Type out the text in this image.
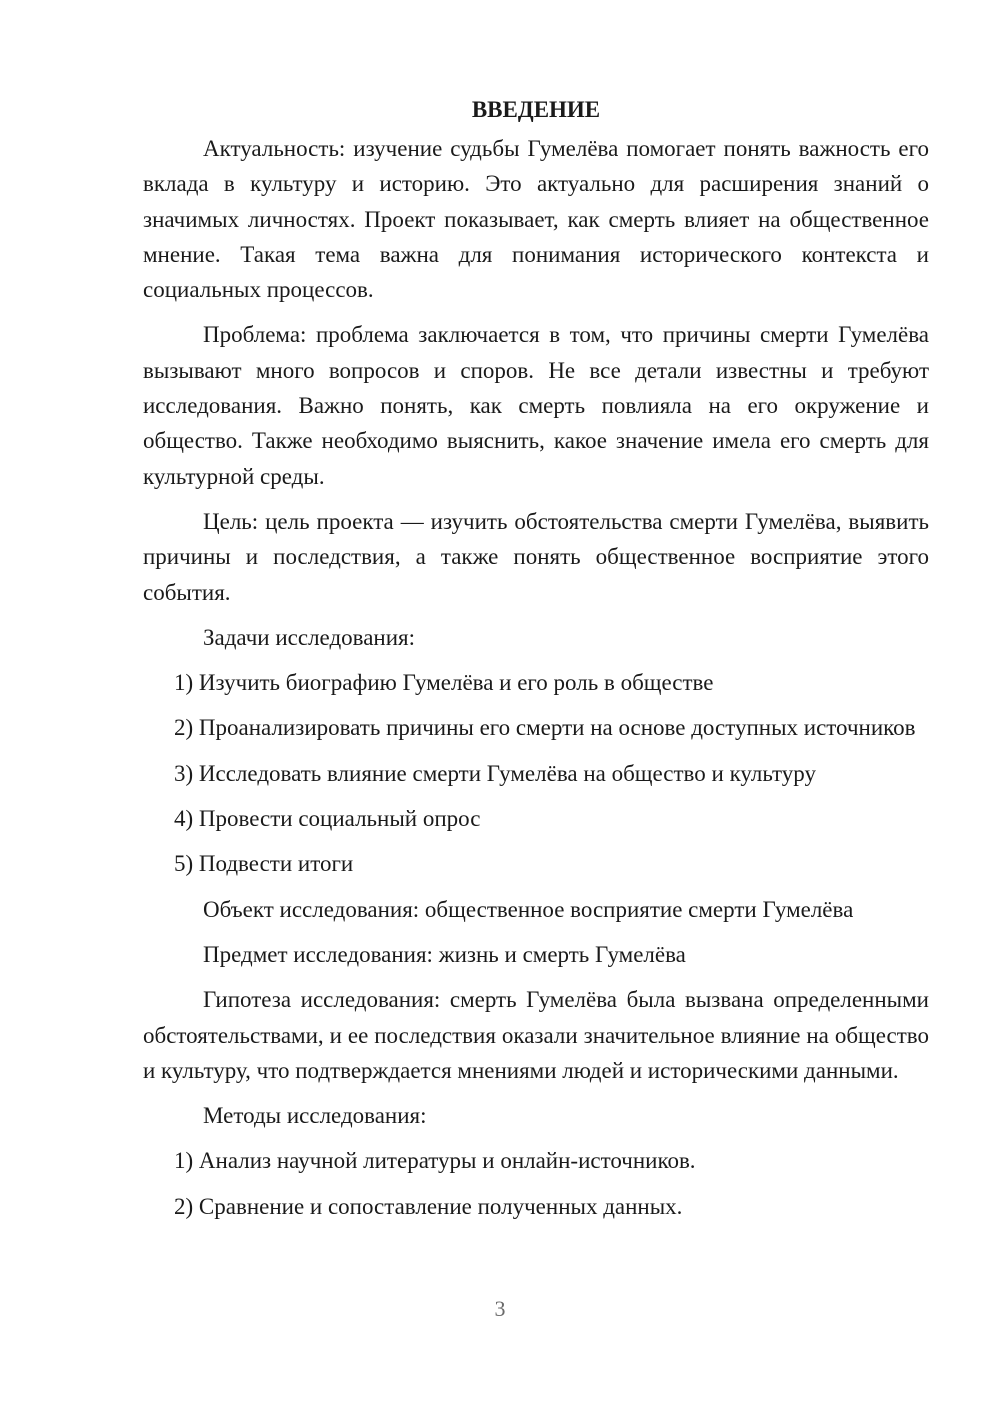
ВВЕДЕНИЕ

Актуальность: изучение судьбы Гумелёва помогает понять важность его вклада в культуру и историю. Это актуально для расширения знаний о значимых личностях. Проект показывает, как смерть влияет на общественное мнение. Такая тема важна для понимания исторического контекста и социальных процессов.

Проблема: проблема заключается в том, что причины смерти Гумелёва вызывают много вопросов и споров. Не все детали известны и требуют исследования. Важно понять, как смерть повлияла на его окружение и общество. Также необходимо выяснить, какое значение имела его смерть для культурной среды.

Цель: цель проекта — изучить обстоятельства смерти Гумелёва, выявить причины и последствия, а также понять общественное восприятие этого события.

Задачи исследования:

1) Изучить биографию Гумелёва и его роль в обществе

2) Проанализировать причины его смерти на основе доступных источников

3) Исследовать влияние смерти Гумелёва на общество и культуру

4) Провести социальный опрос

5) Подвести итоги

Объект исследования: общественное восприятие смерти Гумелёва

Предмет исследования: жизнь и смерть Гумелёва

Гипотеза исследования: смерть Гумелёва была вызвана определенными обстоятельствами, и ее последствия оказали значительное влияние на общество и культуру, что подтверждается мнениями людей и историческими данными.

Методы исследования:

1) Анализ научной литературы и онлайн-источников.

2) Сравнение и сопоставление полученных данных.

3
